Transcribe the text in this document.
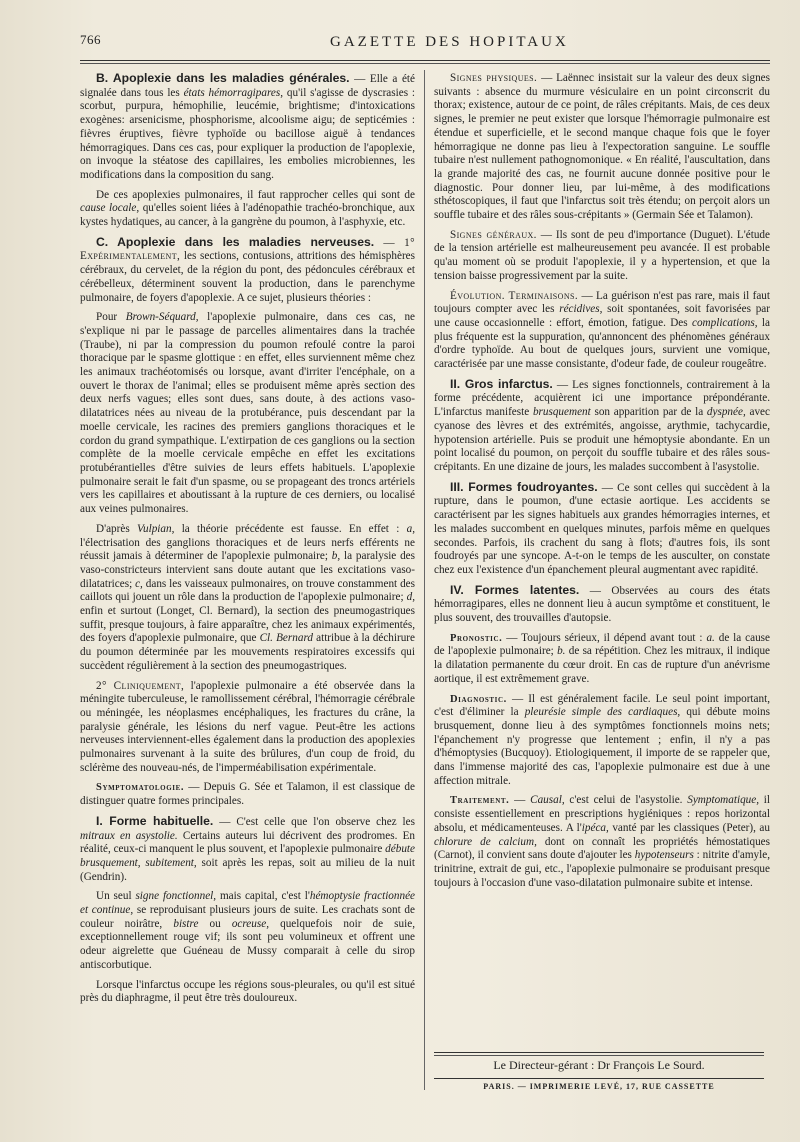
766	GAZETTE DES HOPITAUX

B. Apoplexie dans les maladies générales. — Elle a été signalée dans tous les états hémorragipares, qu'il s'agisse de dyscrasies : scorbut, purpura, hémophilie, leucémie, brightisme; d'intoxications exogènes: arsenicisme, phosphorisme, alcoolisme aigu; de septicémies : fièvres éruptives, fièvre typhoïde ou bacillose aiguë à tendances hémorragiques. Dans ces cas, pour expliquer la production de l'apoplexie, on invoque la stéatose des capillaires, les embolies microbiennes, les modifications dans la composition du sang.

De ces apoplexies pulmonaires, il faut rapprocher celles qui sont de cause locale, qu'elles soient liées à l'adénopathie trachéo-bronchique, aux kystes hydatiques, au cancer, à la gangrène du poumon, à l'asphyxie, etc.

C. Apoplexie dans les maladies nerveuses. — 1° Expérimentalement, les sections, contusions, attritions des hémisphères cérébraux, du cervelet, de la région du pont, des pédoncules cérébraux et cérébelleux, déterminent souvent la production, dans le parenchyme pulmonaire, de foyers d'apoplexie. A ce sujet, plusieurs théories :

Pour Brown-Séquard, l'apoplexie pulmonaire, dans ces cas, ne s'explique ni par le passage de parcelles alimentaires dans la trachée (Traube), ni par la compression du poumon refoulé contre la paroi thoracique par le spasme glottique : en effet, elles surviennent même chez les animaux trachéotomisés ou lorsque, avant d'irriter l'encéphale, on a ouvert le thorax de l'animal; elles se produisent même après section des deux nerfs vagues; elles sont dues, sans doute, à des actions vaso-dilatatrices nées au niveau de la protubérance, puis descendant par la moelle cervicale, les racines des premiers ganglions thoraciques et le cordon du grand sympathique. L'extirpation de ces ganglions ou la section complète de la moelle cervicale empêche en effet les excitations protubérantielles d'être suivies de leurs effets habituels. L'apoplexie pulmonaire serait le fait d'un spasme, ou se propageant des troncs artériels vers les capillaires et aboutissant à la rupture de ces derniers, ou localisé aux veines pulmonaires.

D'après Vulpian, la théorie précédente est fausse. En effet : a, l'électrisation des ganglions thoraciques et de leurs nerfs efférents ne réussit jamais à déterminer de l'apoplexie pulmonaire; b, la paralysie des vaso-constricteurs intervient sans doute autant que les excitations vaso-dilatatrices; c, dans les vaisseaux pulmonaires, on trouve constamment des caillots qui jouent un rôle dans la production de l'apoplexie pulmonaire; d, enfin et surtout (Longet, Cl. Bernard), la section des pneumogastriques suffit, presque toujours, à faire apparaître, chez les animaux expérimentés, des foyers d'apoplexie pulmonaire, que Cl. Bernard attribue à la déchirure du poumon déterminée par les mouvements respiratoires excessifs qui succèdent régulièrement à la section des pneumogastriques.

2° Cliniquement, l'apoplexie pulmonaire a été observée dans la méningite tuberculeuse, le ramollissement cérébral, l'hémorragie cérébrale ou méningée, les néoplasmes encéphaliques, les fractures du crâne, la paralysie générale, les lésions du nerf vague. Peut-être les actions nerveuses interviennent-elles également dans la production des apoplexies pulmonaires survenant à la suite des brûlures, d'un coup de froid, du sclérème des nouveau-nés, de l'imperméabilisation expérimentale.

Symptomatologie. — Depuis G. Sée et Talamon, il est classique de distinguer quatre formes principales.

I. Forme habituelle. — C'est celle que l'on observe chez les mitraux en asystolie. Certains auteurs lui décrivent des prodromes. En réalité, ceux-ci manquent le plus souvent, et l'apoplexie pulmonaire débute brusquement, subitement, soit après les repas, soit au milieu de la nuit (Gendrin).

Un seul signe fonctionnel, mais capital, c'est l'hémoptysie fractionnée et continue, se reproduisant plusieurs jours de suite. Les crachats sont de couleur noirâtre, bistre ou ocreuse, quelquefois noir de suie, exceptionnellement rouge vif; ils sont peu volumineux et offrent une odeur aigrelette que Guéneau de Mussy comparait à celle du sirop antiscorbutique.

Lorsque l'infarctus occupe les régions sous-pleurales, ou qu'il est situé près du diaphragme, il peut être très douloureux.

Signes physiques. — Laënnec insistait sur la valeur des deux signes suivants : absence du murmure vésiculaire en un point circonscrit du thorax; existence, autour de ce point, de râles crépitants. Mais, de ces deux signes, le premier ne peut exister que lorsque l'hémorragie pulmonaire est étendue et superficielle, et le second manque chaque fois que le foyer hémorragique ne donne pas lieu à l'expectoration sanguine. Le souffle tubaire n'est nullement pathognomonique. « En réalité, l'auscultation, dans la grande majorité des cas, ne fournit aucune donnée positive pour le diagnostic. Pour donner lieu, par lui-même, à des modifications sthétoscopiques, il faut que l'infarctus soit très étendu; on perçoit alors un souffle tubaire et des râles sous-crépitants » (Germain Sée et Talamon).

Signes généraux. — Ils sont de peu d'importance (Duguet). L'étude de la tension artérielle est malheureusement peu avancée. Il est probable qu'au moment où se produit l'apoplexie, il y a hypertension, et que la tension baisse progressivement par la suite.

Évolution. Terminaisons. — La guérison n'est pas rare, mais il faut toujours compter avec les récidives, soit spontanées, soit favorisées par une cause occasionnelle : effort, émotion, fatigue. Des complications, la plus fréquente est la suppuration, qu'annoncent des phénomènes généraux d'ordre typhoïde. Au bout de quelques jours, survient une vomique, caractérisée par une masse consistante, d'odeur fade, de couleur rougeâtre.

II. Gros infarctus. — Les signes fonctionnels, contrairement à la forme précédente, acquièrent ici une importance prépondérante. L'infarctus manifeste brusquement son apparition par de la dyspnée, avec cyanose des lèvres et des extrémités, angoisse, arythmie, tachycardie, hypotension artérielle. Puis se produit une hémoptysie abondante. En un point localisé du poumon, on perçoit du souffle tubaire et des râles sous-crépitants. En une dizaine de jours, les malades succombent à l'asystolie.

III. Formes foudroyantes. — Ce sont celles qui succèdent à la rupture, dans le poumon, d'une ectasie aortique. Les accidents se caractérisent par les signes habituels aux grandes hémorragies internes, et les malades succombent en quelques minutes, parfois même en quelques secondes. Parfois, ils crachent du sang à flots; d'autres fois, ils sont foudroyés par une syncope. A-t-on le temps de les ausculter, on constate chez eux l'existence d'un épanchement pleural augmentant avec rapidité.

IV. Formes latentes. — Observées au cours des états hémorragipares, elles ne donnent lieu à aucun symptôme et constituent, le plus souvent, des trouvailles d'autopsie.

Pronostic. — Toujours sérieux, il dépend avant tout : a. de la cause de l'apoplexie pulmonaire; b. de sa répétition. Chez les mitraux, il indique la dilatation permanente du cœur droit. En cas de rupture d'un anévrisme aortique, il est extrêmement grave.

Diagnostic. — Il est généralement facile. Le seul point important, c'est d'éliminer la pleurésie simple des cardiaques, qui débute moins brusquement, donne lieu à des symptômes fonctionnels moins nets; l'épanchement n'y progresse que lentement ; enfin, il n'y a pas d'hémoptysies (Bucquoy). Etiologiquement, il importe de se rappeler que, dans l'immense majorité des cas, l'apoplexie pulmonaire est due à une affection mitrale.

Traitement. — Causal, c'est celui de l'asystolie. Symptomatique, il consiste essentiellement en prescriptions hygiéniques : repos horizontal absolu, et médicamenteuses. A l'ipéca, vanté par les classiques (Peter), au chlorure de calcium, dont on connaît les propriétés hémostatiques (Carnot), il convient sans doute d'ajouter les hypotenseurs : nitrite d'amyle, trinitrine, extrait de gui, etc., l'apoplexie pulmonaire se produisant presque toujours à l'occasion d'une vaso-dilatation pulmonaire subite et intense.

Le Directeur-gérant : Dr François Le Sourd.
PARIS. — IMPRIMERIE LEVÉ, 17, RUE CASSETTE
